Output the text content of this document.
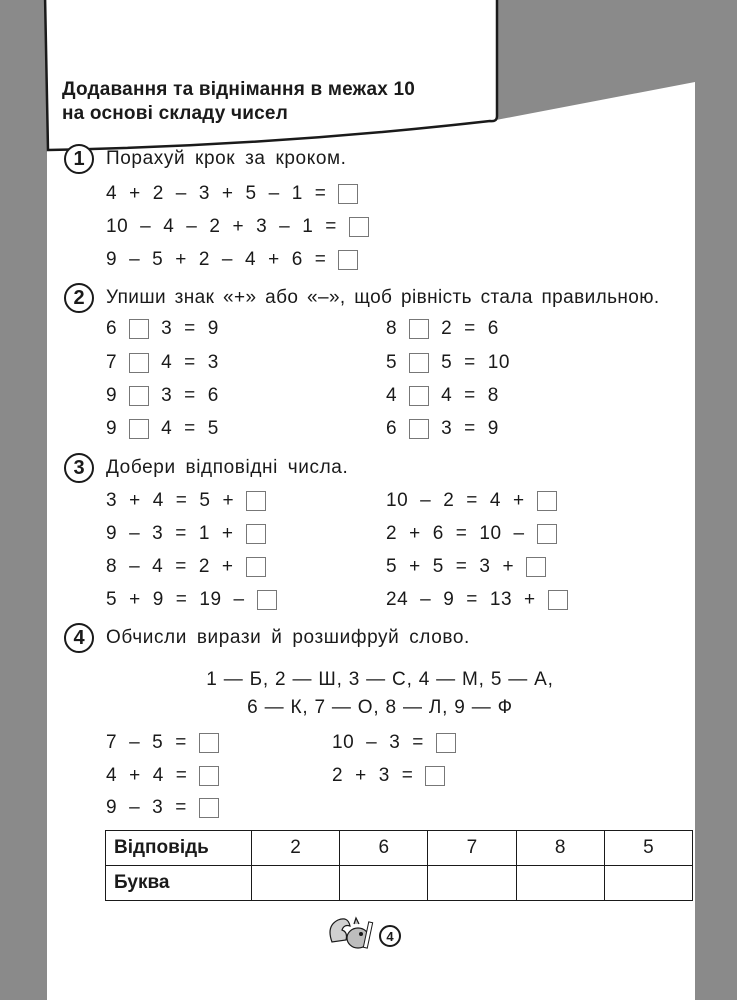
Додавання та віднімання в межах 10
на основі складу чисел
1	Порахуй крок за кроком.
4 + 2 – 3 + 5 – 1 =
10 – 4 – 2 + 3 – 1 =
9 – 5 + 2 – 4 + 6 =
2	Упиши знак «+» або «–», щоб рівність стала правильною.
6 3 = 9	8 2 = 6
7 4 = 3	5 5 = 10
9 3 = 6	4 4 = 8
9 4 = 5	6 3 = 9
3	Добери відповідні числа.
3 + 4 = 5 +	10 – 2 = 4 +
9 – 3 = 1 +	2 + 6 = 10 –
8 – 4 = 2 +	5 + 5 = 3 +
5 + 9 = 19 –	24 – 9 = 13 +
4	Обчисли вирази й розшифруй слово.
1 — Б, 2 — Ш, 3 — С, 4 — М, 5 — А,
6 — К, 7 — О, 8 — Л, 9 — Ф
7 – 5 =
4 + 4 =
9 – 3 =
10 – 3 =
2 + 3 =
Відповідь	2	6	7	8	5
Буква					
4
